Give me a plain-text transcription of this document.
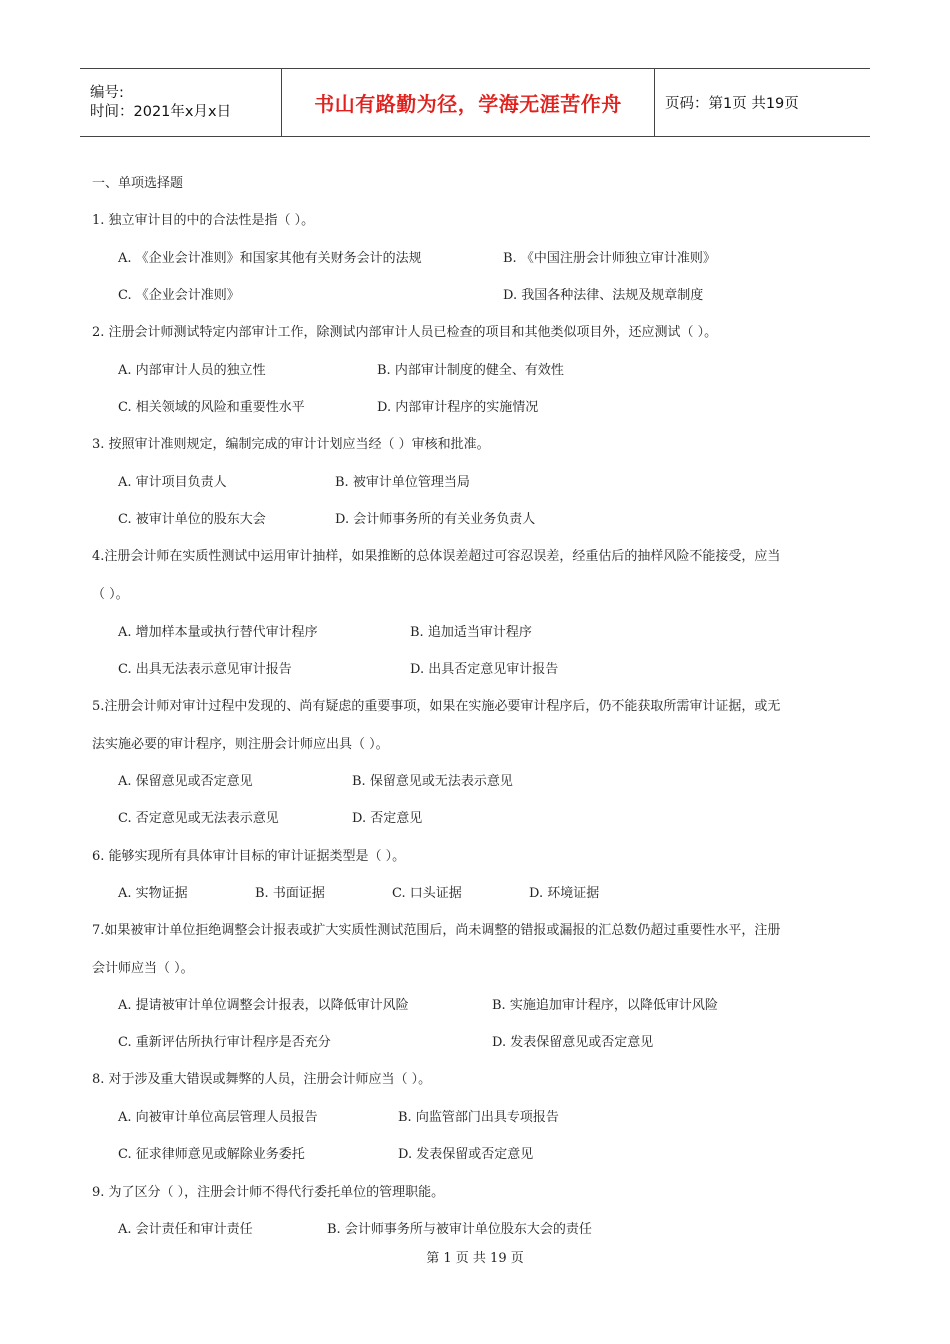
编号:
时间：2021年x月x日	书山有路勤为径，学海无涯苦作舟	页码：第1页 共19页
一、单项选择题
1. 独立审计目的中的合法性是指（ ）。
A. 《企业会计准则》和国家其他有关财务会计的法规	B. 《中国注册会计师独立审计准则》
C. 《企业会计准则》	D. 我国各种法律、法规及规章制度
2. 注册会计师测试特定内部审计工作，除测试内部审计人员已检查的项目和其他类似项目外，还应测试（ ）。
A. 内部审计人员的独立性	B. 内部审计制度的健全、有效性
C. 相关领域的风险和重要性水平	D. 内部审计程序的实施情况
3. 按照审计准则规定，编制完成的审计计划应当经（ ）审核和批准。
A. 审计项目负责人	B. 被审计单位管理当局
C. 被审计单位的股东大会	D. 会计师事务所的有关业务负责人
4.注册会计师在实质性测试中运用审计抽样，如果推断的总体误差超过可容忍误差，经重估后的抽样风险不能接受，应当
（ ）。
A. 增加样本量或执行替代审计程序	B. 追加适当审计程序
C. 出具无法表示意见审计报告	D. 出具否定意见审计报告
5.注册会计师对审计过程中发现的、尚有疑虑的重要事项，如果在实施必要审计程序后，仍不能获取所需审计证据，或无
法实施必要的审计程序，则注册会计师应出具（ ）。
A. 保留意见或否定意见	B. 保留意见或无法表示意见
C. 否定意见或无法表示意见	D. 否定意见
6. 能够实现所有具体审计目标的审计证据类型是（ ）。
A. 实物证据	B. 书面证据	C. 口头证据	D. 环境证据
7.如果被审计单位拒绝调整会计报表或扩大实质性测试范围后，尚未调整的错报或漏报的汇总数仍超过重要性水平，注册
会计师应当（ ）。
A. 提请被审计单位调整会计报表，以降低审计风险	B. 实施追加审计程序，以降低审计风险
C. 重新评估所执行审计程序是否充分	D. 发表保留意见或否定意见
8. 对于涉及重大错误或舞弊的人员，注册会计师应当（ ）。
A. 向被审计单位高层管理人员报告	B. 向监管部门出具专项报告
C. 征求律师意见或解除业务委托	D. 发表保留或否定意见
9. 为了区分（ ），注册会计师不得代行委托单位的管理职能。
A. 会计责任和审计责任	B. 会计师事务所与被审计单位股东大会的责任
第 1 页 共 19 页
